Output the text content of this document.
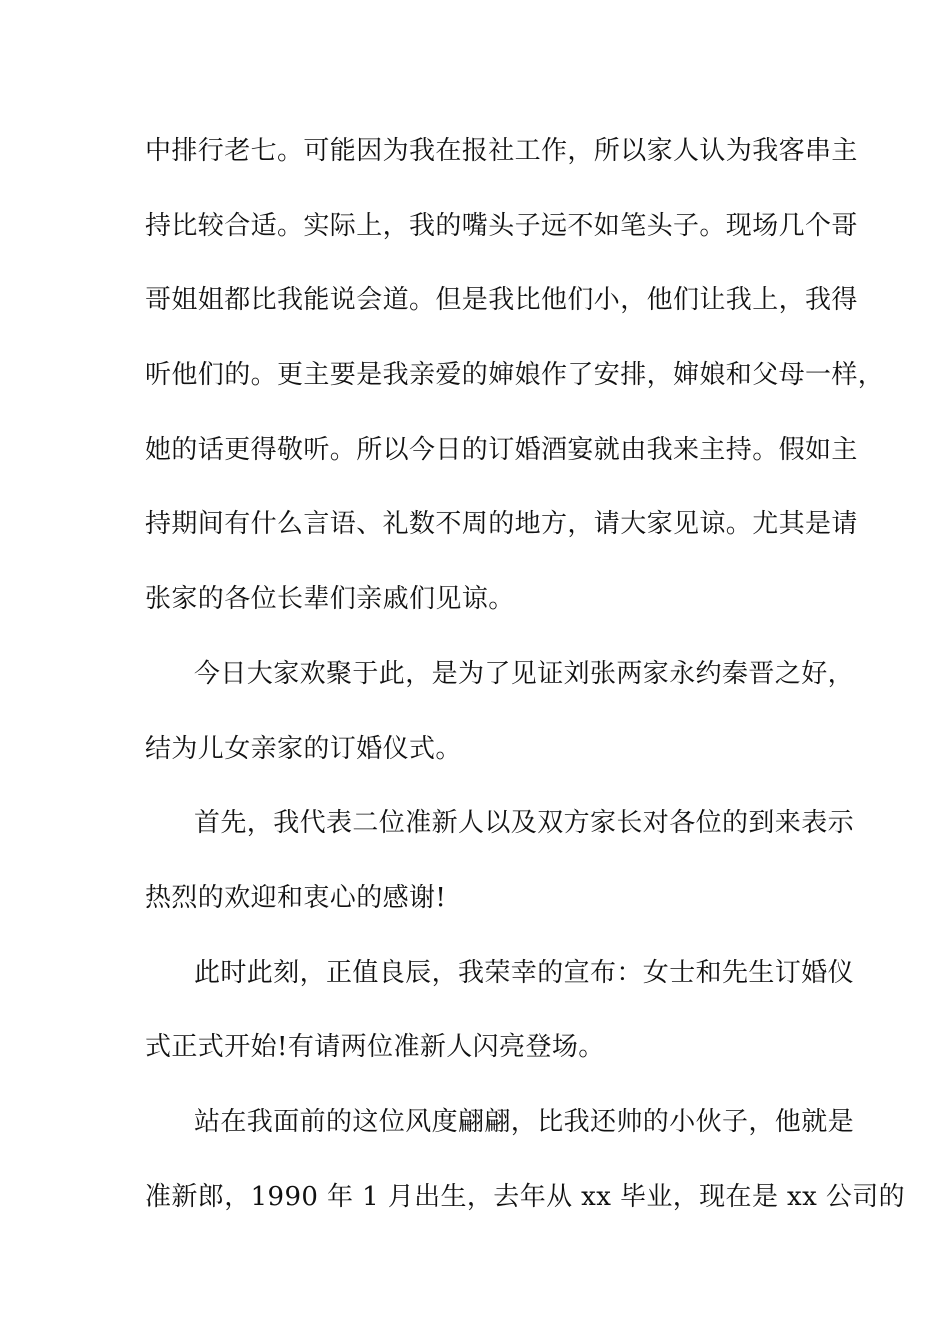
中排行老七。可能因为我在报社工作，所以家人认为我客串主
持比较合适。实际上，我的嘴头子远不如笔头子。现场几个哥
哥姐姐都比我能说会道。但是我比他们小，他们让我上，我得
听他们的。更主要是我亲爱的婶娘作了安排，婶娘和父母一样，
她的话更得敬听。所以今日的订婚酒宴就由我来主持。假如主
持期间有什么言语、礼数不周的地方，请大家见谅。尤其是请
张家的各位长辈们亲戚们见谅。
今日大家欢聚于此，是为了见证刘张两家永约秦晋之好，
结为儿女亲家的订婚仪式。
首先，我代表二位准新人以及双方家长对各位的到来表示
热烈的欢迎和衷心的感谢!
此时此刻，正值良辰，我荣幸的宣布：女士和先生订婚仪
式正式开始!有请两位准新人闪亮登场。
站在我面前的这位风度翩翩，比我还帅的小伙子，他就是
准新郎，1990 年 1 月出生，去年从 xx 毕业，现在是 xx 公司的
